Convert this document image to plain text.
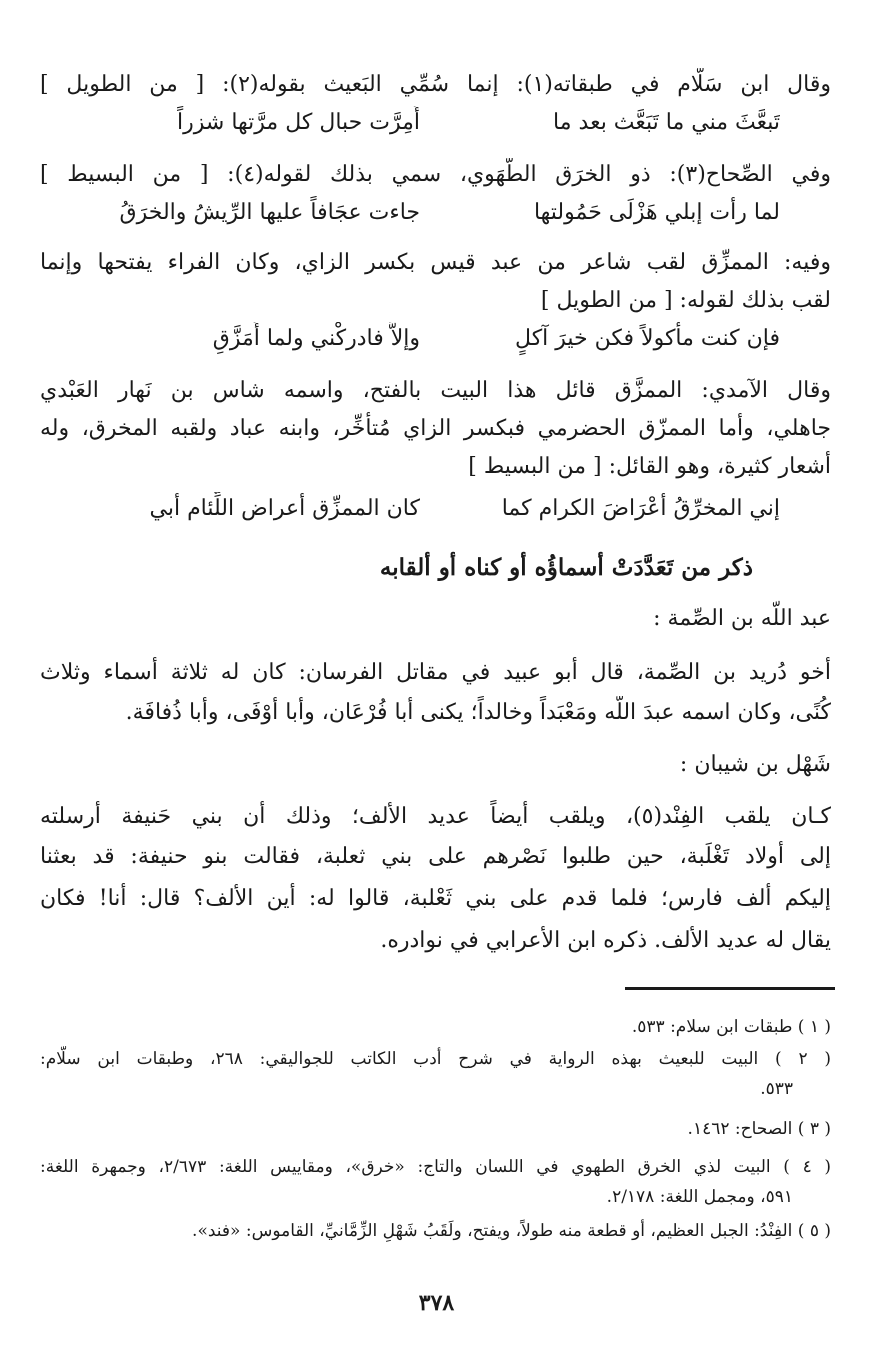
وقال ابن سَلَّام في طبقاته(١): إنما سُمِّي البَعيث بقوله(٢): [ من الطويل ]
تَبعَّثَ مني ما تَبَعَّث بعد ما
أُمِرَّت حبال كل مرَّتها شزراً
وفي الصِّحاح(٣): ذو الخرَق الطُّهَوي، سمي بذلك لقوله(٤): [ من البسيط ]
لما رأت إبلي هَزْلَى حَمُولتها
جاءت عجَافاً عليها الرِّيشُ والخرَقُ
وفيه: الممزِّق لقب شاعر من عبد قيس بكسر الزاي، وكان الفراء يفتحها وإنما
لقب بذلك لقوله: [ من الطويل ]
فإن كنت مأكولاً فكن خيرَ آكلٍ
وإلاَّ فادركْني ولما أُمَزَّقِ
وقال الآمدي: الممزَّق قائل هذا البيت بالفتح، واسمه شاس بن نَهار العَبْدي
جاهلي، وأما الممزّق الحضرمي فبكسر الزاي مُتأخِّر، وابنه عباد ولقبه المخرق، وله
أشعار كثيرة، وهو القائل: [ من البسيط ]
إني المخرِّقُ أعْرَاضَ الكرام كما
كان الممزِّق أعراض اللِّئام أبي
ذكر من تَعَدَّدَتْ أسماؤُه أو كناه أو ألقابه
عبد اللّه بن الصِّمة :
أخو دُريد بن الصِّمة، قال أبو عبيد في مقاتل الفرسان: كان له ثلاثة أسماء وثلاث
كُنًى، وكان اسمه عبدَ اللّه ومَعْبَداً وخالداً؛ يكنى أبا فُرْعَان، وأبا أوْفَى، وأبا ذُفافَة.
شَهْل بن شيبان :
كـان يلقب الفِنْد(٥)، ويلقب أيضاً عديد الألف؛ وذلك أن بني حَنيفة أرسلته
إلى أولاد تَغْلَبة، حين طلبوا نَصْرهم على بني ثعلبة، فقالت بنو حنيفة: قد بعثنا
إليكم ألف فارس؛ فلما قدم على بني ثَعْلبة، قالوا له: أين الألف؟ قال: أنا! فكان
يقال له عديد الألف. ذكره ابن الأعرابي في نوادره.
( ١ ) طبقات ابن سلام: ٥٣٣.
( ٢ ) البيت للبعيث بهذه الرواية في شرح أدب الكاتب للجواليقي: ٢٦٨، وطبقات ابن سلّام:
٥٣٣.
( ٣ ) الصحاح: ١٤٦٢.
( ٤ ) البيت لذي الخرق الطهوي في اللسان والتاج: «خرق»، ومقاييس اللغة: ٢/٦٧٣، وجمهرة اللغة:
٥٩١، ومجمل اللغة: ٢/١٧٨.
( ٥ ) الفِنْدُ: الجبل العظيم، أو قطعة منه طولاً، ويفتح، ولَقَبُ شَهْلِ الزِّمَّانيِّ، القاموس: «فند».
٣٧٨
